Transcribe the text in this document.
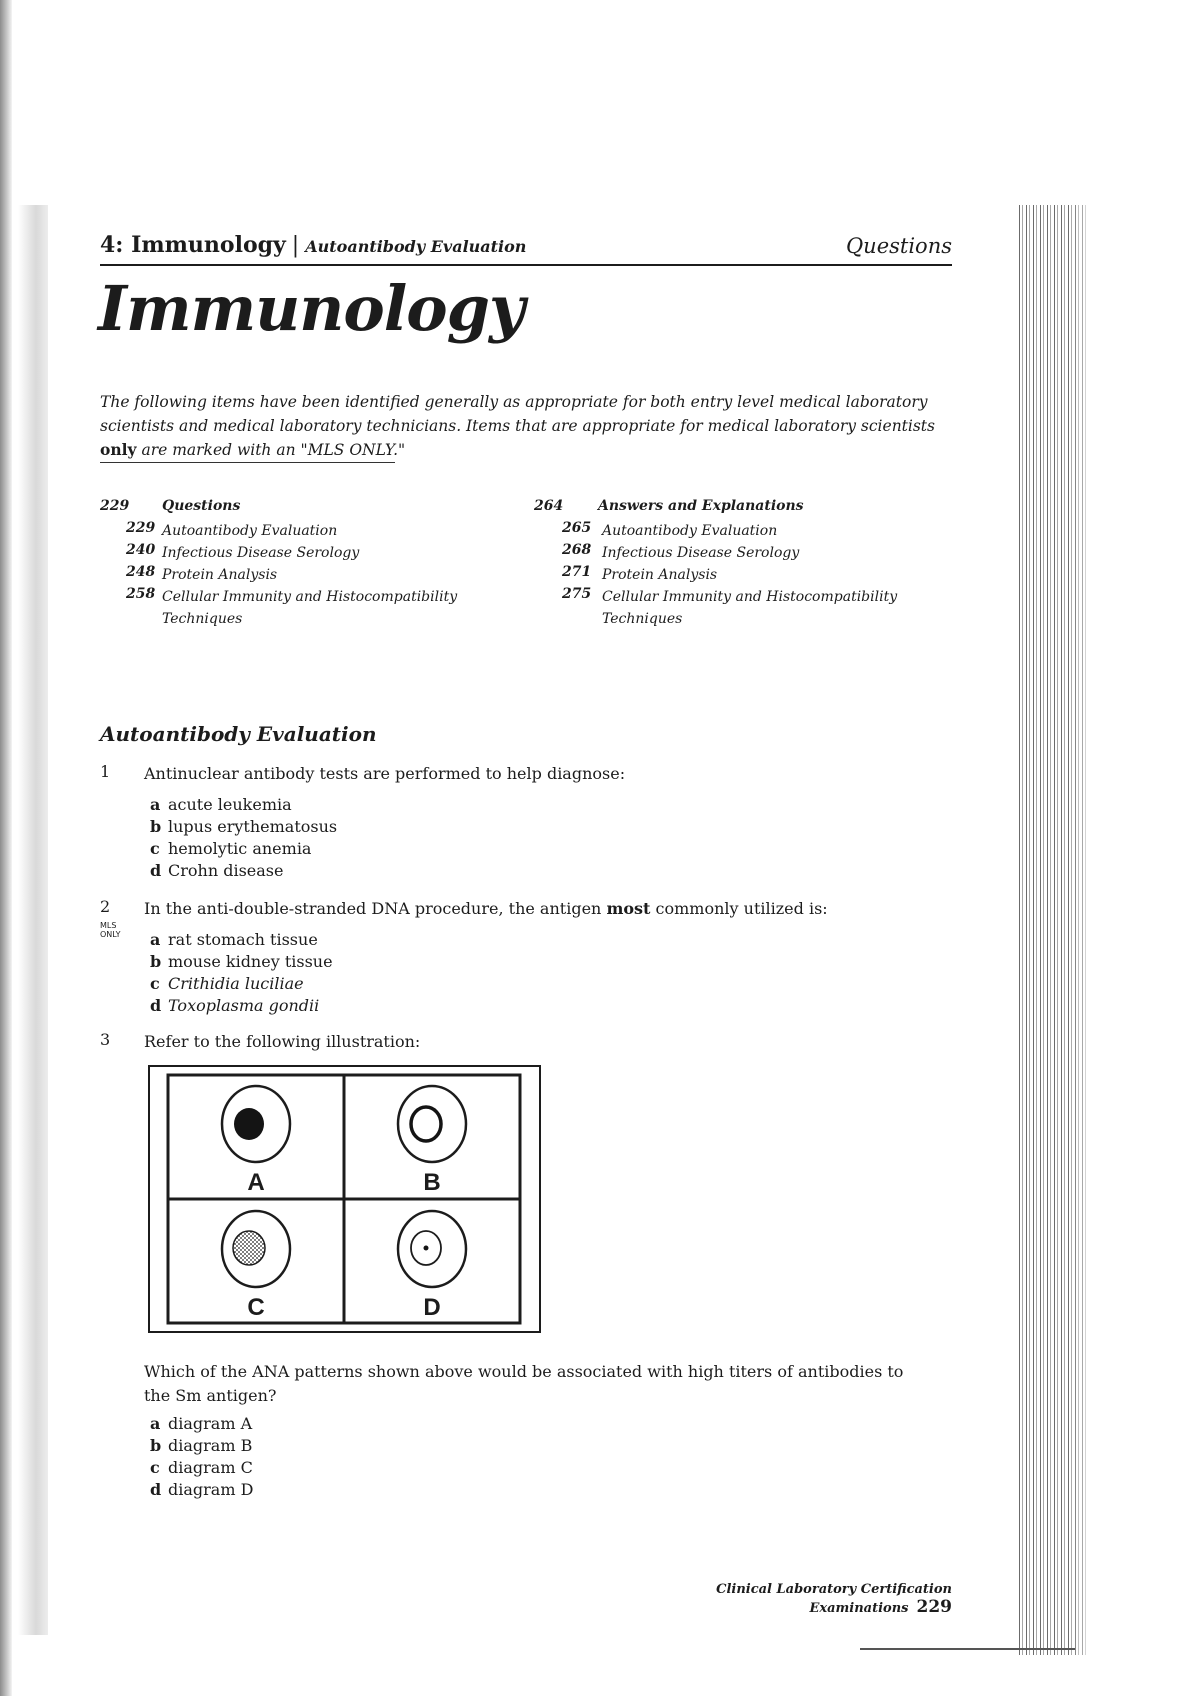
4: Immunology | Autoantibody Evaluation	Questions
Immunology
The following items have been identified generally as appropriate for both entry level medical laboratory scientists and medical laboratory technicians. Items that are appropriate for medical laboratory scientists only are marked with an "MLS ONLY."
229 Questions
229 Autoantibody Evaluation
240 Infectious Disease Serology
248 Protein Analysis
258 Cellular Immunity and Histocompatibility Techniques
264 Answers and Explanations
265 Autoantibody Evaluation
268 Infectious Disease Serology
271 Protein Analysis
275 Cellular Immunity and Histocompatibility Techniques
Autoantibody Evaluation
1 Antinuclear antibody tests are performed to help diagnose:
a acute leukemia
b lupus erythematosus
c hemolytic anemia
d Crohn disease
2
MLS
ONLY
In the anti-double-stranded DNA procedure, the antigen most commonly utilized is:
a rat stomach tissue
b mouse kidney tissue
c Crithidia luciliae
d Toxoplasma gondii
3 Refer to the following illustration:
A	B
C	D
Which of the ANA patterns shown above would be associated with high titers of antibodies to the Sm antigen?
a diagram A
b diagram B
c diagram C
d diagram D
Clinical Laboratory Certification Examinations 229
